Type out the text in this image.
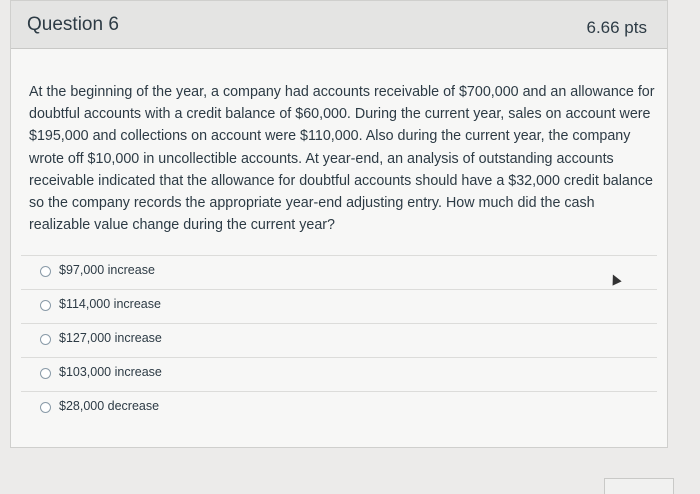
Question 6	6.66 pts
At the beginning of the year, a company had accounts receivable of $700,000 and an allowance for doubtful accounts with a credit balance of $60,000. During the current year, sales on account were $195,000 and collections on account were $110,000. Also during the current year, the company wrote off $10,000 in uncollectible accounts. At year-end, an analysis of outstanding accounts receivable indicated that the allowance for doubtful accounts should have a $32,000 credit balance so the company records the appropriate year-end adjusting entry. How much did the cash realizable value change during the current year?
$97,000 increase
$114,000 increase
$127,000 increase
$103,000 increase
$28,000 decrease
